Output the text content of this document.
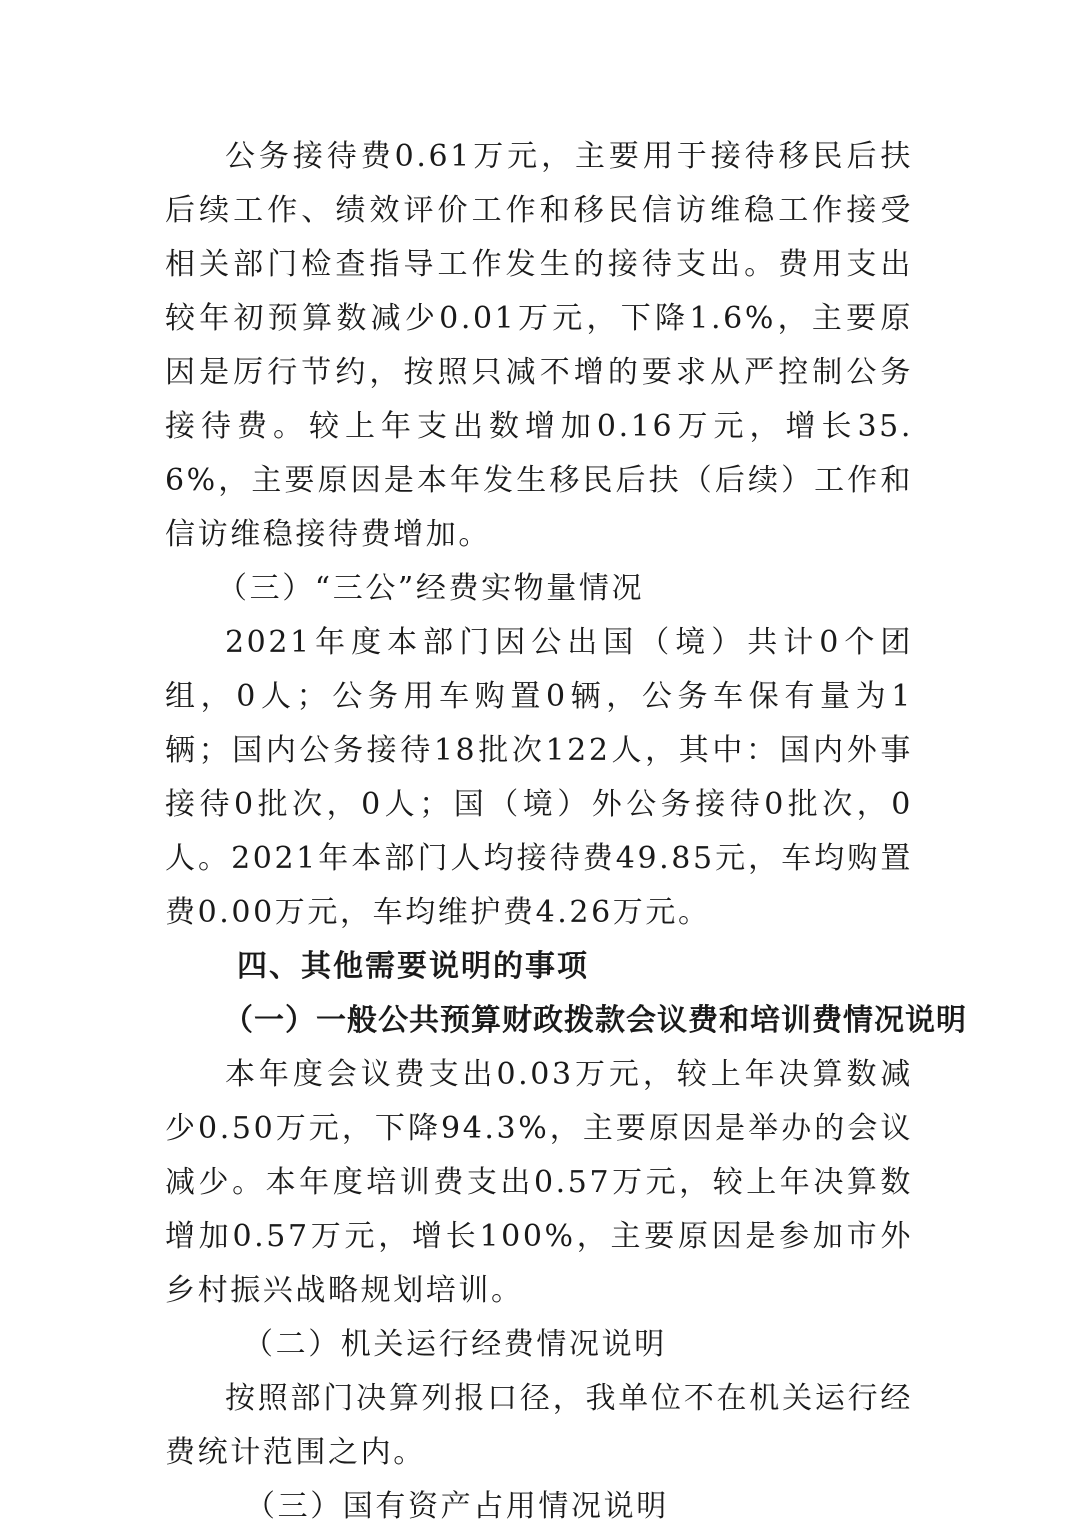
公务接待费0.61万元，主要用于接待移民后扶后续工作、绩效评价工作和移民信访维稳工作接受相关部门检查指导工作发生的接待支出。费用支出较年初预算数减少0.01万元，下降1.6%，主要原因是厉行节约，按照只减不增的要求从严控制公务接待费。较上年支出数增加0.16万元，增长35.6%，主要原因是本年发生移民后扶（后续）工作和信访维稳接待费增加。

（三）“三公”经费实物量情况

2021年度本部门因公出国（境）共计0个团组，0人；公务用车购置0辆，公务车保有量为1辆；国内公务接待18批次122人，其中：国内外事接待0批次，0人；国（境）外公务接待0批次，0人。2021年本部门人均接待费49.85元，车均购置费0.00万元，车均维护费4.26万元。

四、其他需要说明的事项

（一）一般公共预算财政拨款会议费和培训费情况说明

本年度会议费支出0.03万元，较上年决算数减少0.50万元，下降94.3%，主要原因是举办的会议减少。本年度培训费支出0.57万元，较上年决算数增加0.57万元，增长100%，主要原因是参加市外乡村振兴战略规划培训。

（二）机关运行经费情况说明

按照部门决算列报口径，我单位不在机关运行经费统计范围之内。

（三）国有资产占用情况说明
